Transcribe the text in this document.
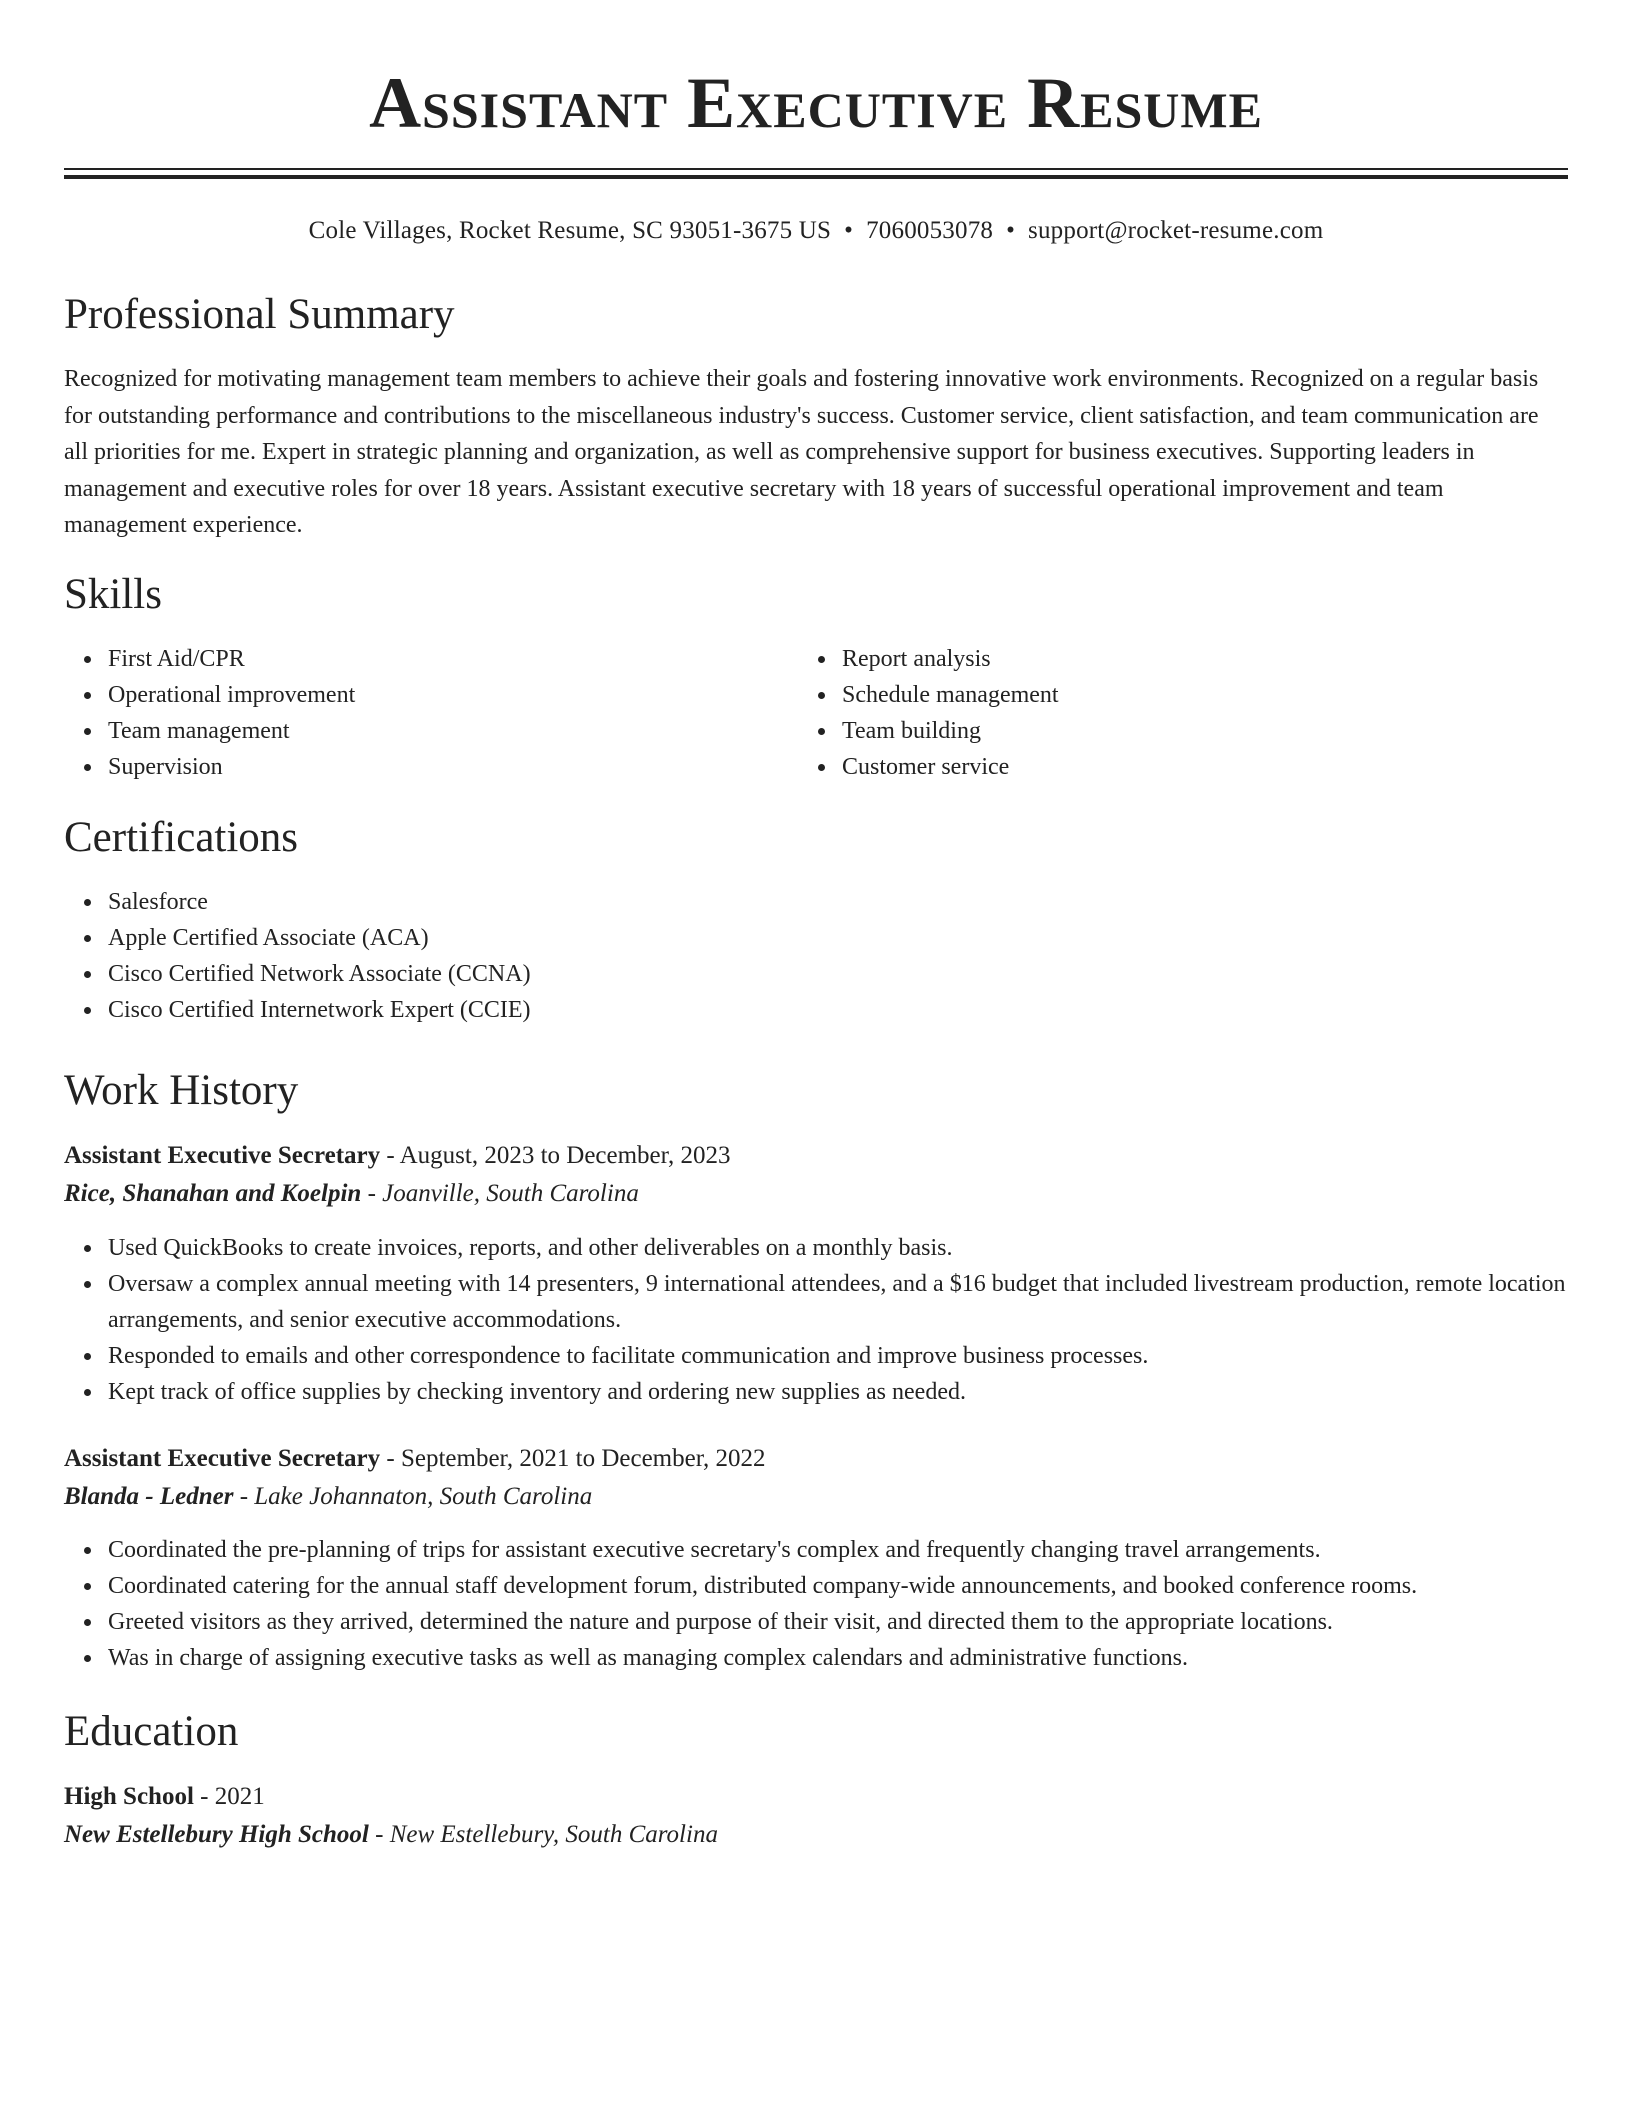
Assistant Executive Resume
Cole Villages, Rocket Resume, SC 93051-3675 US • 7060053078 • support@rocket-resume.com
Professional Summary

Recognized for motivating management team members to achieve their goals and fostering innovative work environments. Recognized on a regular basis for outstanding performance and contributions to the miscellaneous industry's success. Customer service, client satisfaction, and team communication are all priorities for me. Expert in strategic planning and organization, as well as comprehensive support for business executives. Supporting leaders in management and executive roles for over 18 years. Assistant executive secretary with 18 years of successful operational improvement and team management experience.

Skills
First Aid/CPR
Operational improvement
Team management
Supervision
Report analysis
Schedule management
Team building
Customer service
Certifications
Salesforce
Apple Certified Associate (ACA)
Cisco Certified Network Associate (CCNA)
Cisco Certified Internetwork Expert (CCIE)
Work History
Assistant Executive Secretary - August, 2023 to December, 2023
Rice, Shanahan and Koelpin - Joanville, South Carolina
Used QuickBooks to create invoices, reports, and other deliverables on a monthly basis.
Oversaw a complex annual meeting with 14 presenters, 9 international attendees, and a $16 budget that included livestream production, remote location arrangements, and senior executive accommodations.
Responded to emails and other correspondence to facilitate communication and improve business processes.
Kept track of office supplies by checking inventory and ordering new supplies as needed.
Assistant Executive Secretary - September, 2021 to December, 2022
Blanda - Ledner - Lake Johannaton, South Carolina
Coordinated the pre-planning of trips for assistant executive secretary's complex and frequently changing travel arrangements.
Coordinated catering for the annual staff development forum, distributed company-wide announcements, and booked conference rooms.
Greeted visitors as they arrived, determined the nature and purpose of their visit, and directed them to the appropriate locations.
Was in charge of assigning executive tasks as well as managing complex calendars and administrative functions.
Education
High School - 2021
New Estellebury High School - New Estellebury, South Carolina
